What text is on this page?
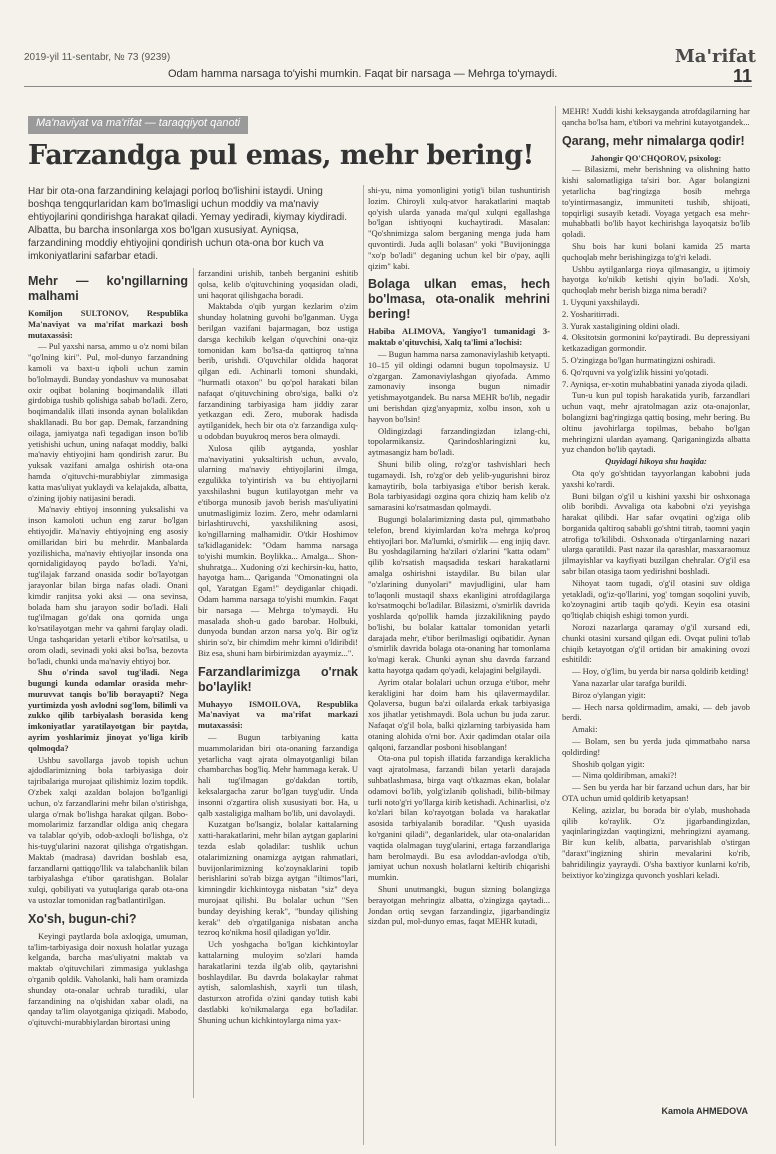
2019-yil 11-sentabr, № 73 (9239)	Ma'rifat
Odam hamma narsaga to'yishi mumkin. Faqat bir narsaga — Mehrga to'ymaydi.	11
Ma'naviyat va ma'rifat — taraqqiyot qanoti
Farzandga pul emas, mehr bering!
Har bir ota-ona farzandining kelajagi porloq bo'lishini istaydi. Uning boshqa tengqurlaridan kam bo'lmasligi uchun moddiy va ma'naviy ehtiyojlarini qondirishga harakat qiladi. Yemay yediradi, kiymay kiydiradi. Albatta, bu barcha insonlarga xos bo'lgan xususiyat. Ayniqsa, farzandining moddiy ehtiyojini qondirish uchun ota-ona bor kuch va imkoniyatlarini safarbar etadi.
Mehr — ko'ngillarning malhami

Komiljon SULTONOV, Respublika Ma'naviyat va ma'rifat markazi bosh mutaxassisi:

— Pul yaxshi narsa, ammo u o'z nomi bilan "qo'lning kiri". Pul, mol-dunyo farzandning kamoli va baxt-u iqboli uchun zamin bo'lolmaydi. Bunday yondashuv va munosabat oxir oqibat bolaning boqimandalik illati girdobiga tushib qolishiga sabab bo'ladi. Zero, boqimandalik illati insonda aynan bolalikdan shakllanadi. Bu bor gap. Demak, farzandning oilaga, jamiyatga nafi tegadigan inson bo'lib yetishishi uchun, uning nafaqat moddiy, balki ma'naviy ehtiyojini ham qondirish zarur. Bu yuksak vazifani amalga oshirish ota-ona hamda o'qituvchi-murabbiylar zimmasiga katta mas'uliyat yuklaydi va kelajakda, albatta, o'zining ijobiy natijasini beradi.

Ma'naviy ehtiyoj insonning yuksalishi va inson kamoloti uchun eng zarur bo'lgan ehtiyojdir. Ma'naviy ehtiyojning eng asosiy omillaridan biri bu mehrdir. Manbalarda yozilishicha, ma'naviy ehtiyojlar insonda ona qornidaligidayoq paydo bo'ladi. Ya'ni, tug'ilajak farzand onasida sodir bo'layotgan jarayonlar bilan birga nafas oladi. Onani kimdir ranjitsa yoki aksi — ona sevinsa, bolada ham shu jarayon sodir bo'ladi. Hali tug'ilmagan go'dak ona qornida unga ko'rsatilayotgan mehr va qahrni farqlay oladi. Unga tashqaridan yetarli e'tibor ko'rsatilsa, u orom oladi, sevinadi yoki aksi bo'lsa, bezovta bo'ladi, chunki unda ma'naviy ehtiyoj bor.

Shu o'rinda savol tug'iladi. Nega bugungi kunda odamlar orasida mehr-muruvvat tanqis bo'lib borayapti? Nega yurtimizda yosh avlodni sog'lom, bilimli va zukko qilib tarbiyalash borasida keng imkoniyatlar yaratilayotgan bir paytda, ayrim yoshlarimiz jinoyat yo'liga kirib qolmoqda?

Ushbu savollarga javob topish uchun ajdodlarimizning bola tarbiyasiga doir tajribalariga murojaat qilishimiz lozim topdik. O'zbek xalqi azaldan bolajon bo'lganligi uchun, o'z farzandlarini mehr bilan o'stirishga, ularga o'rnak bo'lishga harakat qilgan. Bobo-momolarimiz farzandlar oldiga aniq chegara va talablar qo'yib, odob-axloqli bo'lishga, o'z his-tuyg'ularini nazorat qilishga o'rgatishgan. Maktab (madrasa) davridan boshlab esa, farzandlarni qattiqqo'llik va talabchanlik bilan tarbiyalashga e'tibor qaratishgan. Bolalar xulqi, qobiliyati va yutuqlariga qarab ota-ona va ustozlar tomonidan rag'batlantirilgan.

Xo'sh, bugun-chi?

Keyingi paytlarda bola axloqiga, umuman, ta'lim-tarbiyasiga doir noxush holatlar yuzaga kelganda, barcha mas'uliyatni maktab va maktab o'qituvchilari zimmasiga yuklashga o'rganib qoldik. Vaholanki, hali ham oramizda shunday ota-onalar uchrab turadiki, ular farzandining na o'qishidan xabar oladi, na qanday ta'lim olayotganiga qiziqadi. Mabodo, o'qituvchi-murabbiylardan birortasi uning

farzandini urishib, tanbeh berganini eshitib qolsa, kelib o'qituvchining yoqasidan oladi, uni haqorat qilishgacha boradi.

Maktabda o'qib yurgan kezlarim o'zim shunday holatning guvohi bo'lganman. Uyga berilgan vazifani bajarmagan, boz ustiga darsga kechikib kelgan o'quvchini ona-qiz tomonidan kam bo'lsa-da qattiqroq ta'nna berib, urishdi. O'quvchilar oldida haqorat qilgan edi. Achinarli tomoni shundaki, "hurmatli otaxon" bu qo'pol harakati bilan nafaqat o'qituvchining obro'siga, balki o'z farzandining tarbiyasiga ham jiddiy zarar yetkazgan edi. Zero, muborak hadisda aytilganidek, hech bir ota o'z farzandiga xulq-u odobdan buyukroq meros bera olmaydi.

Xulosa qilib aytganda, yoshlar ma'naviyatini yuksaltirish uchun, avvalo, ularning ma'naviy ehtiyojlarini ilmga, ezgulikka to'yintirish va bu ehtiyojlarni yaxshilashni bugun kutilayotgan mehr va e'tiborga munosib javob berish mas'uliyatini unutmasligimiz lozim. Zero, mehr odamlarni birlashtiruvchi, yaxshilikning asosi, ko'ngillarning malhamidir. O'tkir Hoshimov ta'kidlaganidek: "Odam hamma narsaga to'yishi mumkin. Boylikka... Amalga... Shon-shuhratga... Xudoning o'zi kechirsin-ku, hatto, hayotga ham... Qariganda "Omonatingni ola qol, Yaratgan Egam!" deydiganlar chiqadi. Odam hamma narsaga to'yishi mumkin. Faqat bir narsaga — Mehrga to'ymaydi. Hu masalada shoh-u gado barobar. Holbuki, dunyoda bundan arzon narsa yo'q. Bir og'iz shirin so'z, bir chimdim mehr kimni o'ldiribdi! Biz esa, shuni ham birbirimizdan ayaymiz...".

Farzandlarimizga o'rnak bo'laylik!

Muhayyo ISMOILOVA, Respublika Ma'naviyat va ma'rifat markazi mutaxassisi:

— Bugun tarbiyaning katta muammolaridan biri ota-onaning farzandiga yetarlicha vaqt ajrata olmayotganligi bilan chambarchas bog'liq. Mehr hammaga kerak. U hali tug'ilmagan go'dakdan tortib, keksalargacha zarur bo'lgan tuyg'udir. Unda insonni o'zgartira olish xususiyati bor. Ha, u qalb xastaligiga malham bo'lib, uni davolaydi.

Kuzatgan bo'lsangiz, bolalar kattalarning xatti-harakatlarini, mehr bilan aytgan gaplarini tezda eslab qoladilar: tushlik uchun otalarimizning onamizga aytgan rahmatlari, buvijonlarimizning ko'zoynaklarini topib berishlarini so'rab bizga aytgan "iltimos"lari, kimningdir kichkintoyga nisbatan "siz" deya murojaat qilishi. Bu bolalar uchun "Sen bunday deyishing kerak", "bunday qilishing kerak" deb o'rgatilganiga nisbatan ancha tezroq ko'nikma hosil qiladigan yo'ldir.

Uch yoshgacha bo'lgan kichkintoylar kattalarning muloyim so'zlari hamda harakatlarini tezda ilg'ab olib, qaytarishni boshlaydilar. Bu davrda bolakaylar rahmat aytish, salomlashish, xayrli tun tilash, dasturxon atrofida o'zini qanday tutish kabi dastlabki ko'nikmalarga ega bo'ladilar. Shuning uchun kichkintoylarga nima yax-

shi-yu, nima yomonligini yotig'i bilan tushuntirish lozim. Chiroyli xulq-atvor harakatlarini maqtab qo'yish ularda yanada ma'qul xulqni egallashga bo'lgan ishtiyoqni kuchaytiradi. Masalan: "Qo'shnimizga salom berganing menga juda ham quvontirdi. Juda aqlli bolasan" yoki "Buvijoningga "xo'p bo'ladi" deganing uchun kel bir o'pay, aqlli qizim" kabi.

Bolaga ulkan emas, hech bo'lmasa, ota-onalik mehrini bering!

Habiba ALIMOVA, Yangiyo'l tumanidagi 3-maktab o'qituvchisi, Xalq ta'limi a'lochisi:

— Bugun hamma narsa zamonaviylashib ketyapti. 10–15 yil oldingi odamni bugun topolmaysiz. U o'zgargan. Zamonaviylashgan qiyofada. Ammo zamonaviy insonga bugun nimadir yetishmayotgandek. Bu narsa MEHR bo'lib, negadir uni berishdan qizg'anyapmiz, xolbu inson, xoh u hayvon bo'lsin!

Oldingizdagi farzandingizdan izlang-chi, topolarmikansiz. Qarindoshlaringizni ku, aytmasangiz ham bo'ladi.

Shuni bilib oling, ro'zg'or tashvishlari hech tugamaydi. Ish, ro'zg'or deb yelib-yugurishni biroz kamaytirib, bola tarbiyasiga e'tibor berish kerak. Bola tarbiyasidagi ozgina qora chiziq ham kelib o'z samarasini ko'rsatmasdan qolmaydi.

Bugungi bolalarimizning dasta pul, qimmatbaho telefon, brend kiyimlardan ko'ra mehrga ko'proq ehtiyojlari bor. Ma'lumki, o'smirlik — eng injiq davr. Bu yoshdagilarning ha'zilari o'zlarini "katta odam" qilib ko'rsatish maqsadida teskari harakatlarni amalga oshirishni istaydilar. Bu bilan ular "o'zlarining dunyolari" mavjudligini, ular ham to'laqonli mustaqil shaxs ekanligini atrofdagilarga ko'rsatmoqchi bo'ladilar. Bilasizmi, o'smirlik davrida yoshlarda qo'pollik hamda jizzakilikning paydo bo'lishi, bu bolalar kattalar tomonidan yetarli darajada mehr, e'tibor berilmasligi oqibatidir. Aynan o'smirlik davrida bolaga ota-onaning har tomonlama ko'magi kerak. Chunki aynan shu davrda farzand katta hayotga qadam qo'yadi, kelajagini belgilaydi.

Ayrim otalar bolalari uchun orzuga e'tibor, mehr kerakligini har doim ham his qilavermaydilar. Qolaversa, bugun ba'zi oilalarda erkak tarbiyasiga xos jihatlar yetishmaydi. Bola uchun bu juda zarur. Nafaqat o'g'il bola, balki qizlarning tarbiyasida ham otaning alohida o'rni bor. Axir qadimdan otalar oila qalqoni, farzandlar posboni hisoblangan!

Ota-ona pul topish illatida farzandiga kerakliсha vaqt ajratolmasa, farzandi bilan yetarli darajada suhbatlashmasa, birga vaqt o'tkazmas ekan, bolalar odamovi bo'lib, yolg'izlanib qolishadi, bilib-bilmay turli noto'g'ri yo'llarga kirib ketishadi. Achinarlisi, o'z ko'zlari bilan ko'rayotgan bolada va harakatlar asosida tarbiyalanib boradilar. "Qush uyasida ko'rganini qiladi", deganlaridek, ular ota-onalaridan vaqtida olalmagan tuyg'ularini, ertaga farzandlariga ham berolmaydi. Bu esa avloddan-avlodga o'tib, jamiyat uchun noxush holatlarni keltirib chiqarishi mumkin.

Shuni unutmangki, bugun sizning bolangizga berayotgan mehringiz albatta, o'zingizga qaytadi... Jondan ortiq sevgan farzandingiz, jigarbandingiz sizdan pul, mol-dunyo emas, faqat MEHR kutadi,

MEHR! Xuddi kishi keksayganda atrofdagilarning har qancha bo'lsa ham, e'tibori va mehrini kutayotgandek...

Qarang, mehr nimalarga qodir!

Jahongir QO'CHQOROV, psixolog:

— Bilasizmi, mehr berishning va olishning hatto kishi salomatligiga ta'siri bor. Agar bolangizni yetarlicha bag'ringizga bosib mehrga to'yintirmasangiz, immuniteti tushib, shijoati, topqirligi susayib ketadi. Voyaga yetgach esa mehr-muhabbatli bo'lib hayot kechirishga layoqatsiz bo'lib qoladi.

Shu bois har kuni bolani kamida 25 marta quchoqlab mehr berishingizga to'g'ri keladi.

Ushbu aytilganlarga rioya qilmasangiz, u ijtimoiy hayotga ko'nikib ketishi qiyin bo'ladi. Xo'sh, quchoqlab mehr berish bizga nima beradi?

1. Uyquni yaxshilaydi.

2. Yosharitirradi.

3. Yurak xastaligining oldini oladi.

4. Oksitotsin gormonini ko'paytiradi. Bu depressiyani ketkazadigan gormondir.

5. O'zingizga bo'lgan hurmatingizni oshiradi.

6. Qo'rquvni va yolg'izlik hissini yo'qotadi.

7. Ayniqsa, er-xotin muhabbatini yanada ziyoda qiladi.

Tun-u kun pul topish harakatida yurib, farzandlari uchun vaqt, mehr ajratolmagan aziz ota-onajonlar, bolangizni bag'ringizga qattiq bosing, mehr bering. Bu oltinu javohirlarga topilmas, bebaho bo'lgan mehringizni ulardan ayamang. Qariganingizda albatta yuz chandon bo'lib qaytadi.

Quyidagi hikoya shu haqida:

Ota qo'y go'shtidan tayyorlangan kabobni juda yaxshi ko'rardi.

Buni bilgan o'g'il u kishini yaxshi bir oshxonaga olib boribdi. Avvaliga ota kabobni o'zi yeyishga harakat qilibdi. Har safar ovqatini og'ziga olib borganida qaltiroq sababli go'shtni titrab, taomni yaqin atrofiga to'kilibdi. Oshxonada o'tirganlarning nazari ularga qaratildi. Past nazar ila qarashlar, masxaraomuz jilmayishlar va kayfiyati buzilgan chehralar. O'g'il esa sabr bilan otasiga taom yedirishni boshladi.

Nihoyat taom tugadi, o'g'il otasini suv oldiga yetakladi, og'iz-qo'llarini, yog' tomgan soqolini yuvib, ko'zoynagini artib taqib qo'ydi. Keyin esa otasini qo'ltiqlab chiqish eshigi tomon yurdi.

Norozi nazarlarga qaramay o'g'il xursand edi, chunki otasini xursand qilgan edi. Ovqat pulini to'lab chiqib ketayotgan o'g'il ortidan bir amakining ovozi eshitildi:

— Hoy, o'g'lim, bu yerda bir narsa qoldirib ketding!

Yana nazarlar ular tarafga burildi.

Biroz o'ylangan yigit:

— Hech narsa qoldirmadim, amaki, — deb javob berdi.

Amaki:

— Bolam, sen bu yerda juda qimmatbaho narsa qoldirding!

Shoshib qolgan yigit:

— Nima qoldiribman, amaki?!

— Sen bu yerda har bir farzand uchun dars, har bir OTA uchun umid qoldirib ketyapsan!

Keling, azizlar, bu borada bir o'ylab, mushohada qilib ko'raylik. O'z jigarbandingizdan, yaqinlaringizdan vaqtingizni, mehringizni ayamang. Bir kun kelib, albatta, parvarishlab o'stirgan "daraxt"ingizning shirin mevalarini ko'rib, bahridilingiz yayraydi. O'sha baxtiyor kunlarni ko'rib, beixtiyor ko'zingizga quvonch yoshlari keladi.

Kamola AHMEDOVA
